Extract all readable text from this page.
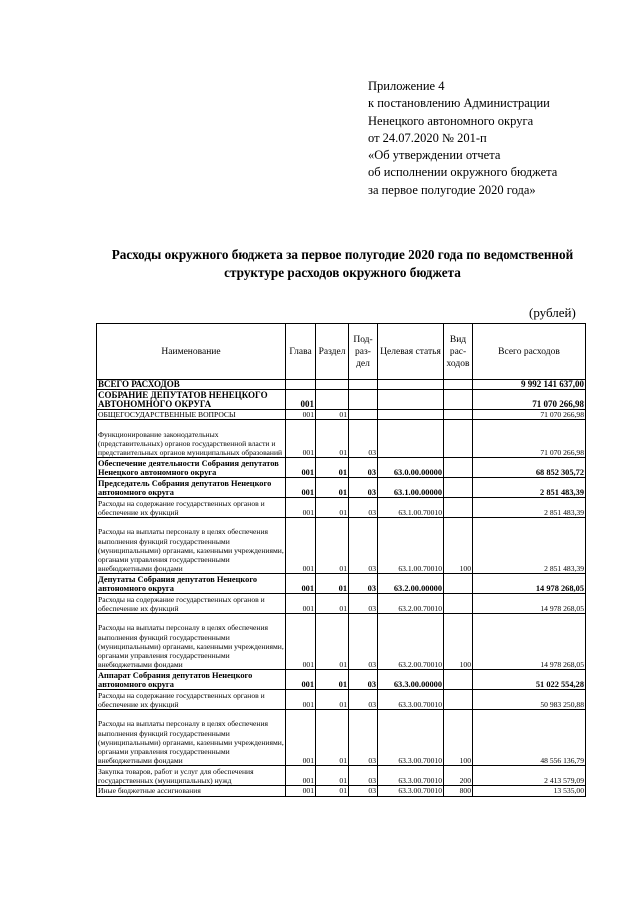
Приложение 4
к постановлению Администрации
Ненецкого автономного округа
от 24.07.2020 № 201-п
«Об утверждении отчета
об исполнении окружного бюджета
за первое полугодие 2020 года»
Расходы окружного бюджета за первое полугодие 2020 года по ведомственной структуре расходов окружного бюджета
(рублей)
Наименование	Глава	Раздел	Под-раз-дел	Целевая статья	Вид рас-ходов	Всего расходов
ВСЕГО РАСХОДОВ						9 992 141 637,00
СОБРАНИЕ ДЕПУТАТОВ НЕНЕЦКОГО АВТОНОМНОГО ОКРУГА	001					71 070 266,98
ОБЩЕГОСУДАРСТВЕННЫЕ ВОПРОСЫ	001	01				71 070 266,98
Функционирование законодательных (представительных) органов государственной власти и представительных органов муниципальных образований	001	01	03			71 070 266,98
Обеспечение деятельности Собрания депутатов Ненецкого автономного округа	001	01	03	63.0.00.00000		68 852 305,72
Председатель Собрания депутатов Ненецкого автономного округа	001	01	03	63.1.00.00000		2 851 483,39
Расходы на содержание государственных органов и обеспечение их функций	001	01	03	63.1.00.70010		2 851 483,39
Расходы на выплаты персоналу в целях обеспечения выполнения функций государственными (муниципальными) органами, казенными учреждениями, органами управления государственными внебюджетными фондами	001	01	03	63.1.00.70010	100	2 851 483,39
Депутаты Собрания депутатов Ненецкого автономного округа	001	01	03	63.2.00.00000		14 978 268,05
Расходы на содержание государственных органов и обеспечение их функций	001	01	03	63.2.00.70010		14 978 268,05
Расходы на выплаты персоналу в целях обеспечения выполнения функций государственными (муниципальными) органами, казенными учреждениями, органами управления государственными внебюджетными фондами	001	01	03	63.2.00.70010	100	14 978 268,05
Аппарат Собрания депутатов Ненецкого автономного округа	001	01	03	63.3.00.00000		51 022 554,28
Расходы на содержание государственных органов и обеспечение их функций	001	01	03	63.3.00.70010		50 983 250,88
Расходы на выплаты персоналу в целях обеспечения выполнения функций государственными (муниципальными) органами, казенными учреждениями, органами управления государственными внебюджетными фондами	001	01	03	63.3.00.70010	100	48 556 136,79
Закупка товаров, работ и услуг для обеспечения государственных (муниципальных) нужд	001	01	03	63.3.00.70010	200	2 413 579,09
Иные бюджетные ассигнования	001	01	03	63.3.00.70010	800	13 535,00
